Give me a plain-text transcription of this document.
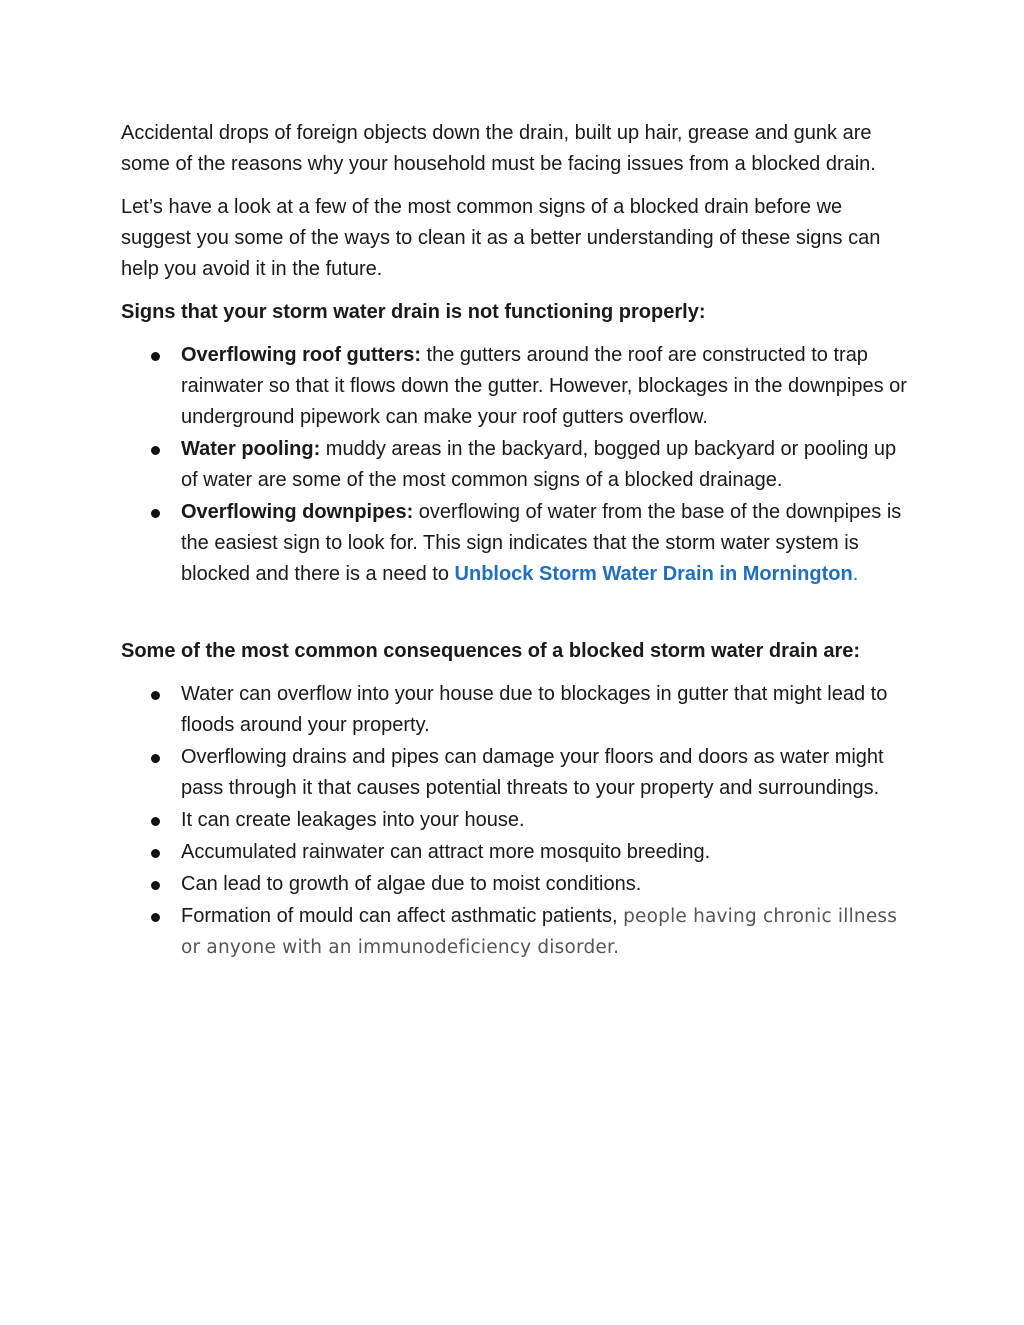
Accidental drops of foreign objects down the drain, built up hair, grease and gunk are some of the reasons why your household must be facing issues from a blocked drain.

Let’s have a look at a few of the most common signs of a blocked drain before we suggest you some of the ways to clean it as a better understanding of these signs can help you avoid it in the future.

Signs that your storm water drain is not functioning properly:
Overflowing roof gutters: the gutters around the roof are constructed to trap rainwater so that it flows down the gutter. However, blockages in the downpipes or underground pipework can make your roof gutters overflow.
Water pooling: muddy areas in the backyard, bogged up backyard or pooling up of water are some of the most common signs of a blocked drainage.
Overflowing downpipes: overflowing of water from the base of the downpipes is the easiest sign to look for. This sign indicates that the storm water system is blocked and there is a need to Unblock Storm Water Drain in Mornington.
Some of the most common consequences of a blocked storm water drain are:
Water can overflow into your house due to blockages in gutter that might lead to floods around your property.
Overflowing drains and pipes can damage your floors and doors as water might pass through it that causes potential threats to your property and surroundings.
It can create leakages into your house.
Accumulated rainwater can attract more mosquito breeding.
Can lead to growth of algae due to moist conditions.
Formation of mould can affect asthmatic patients, people having chronic illness or anyone with an immunodeficiency disorder.
